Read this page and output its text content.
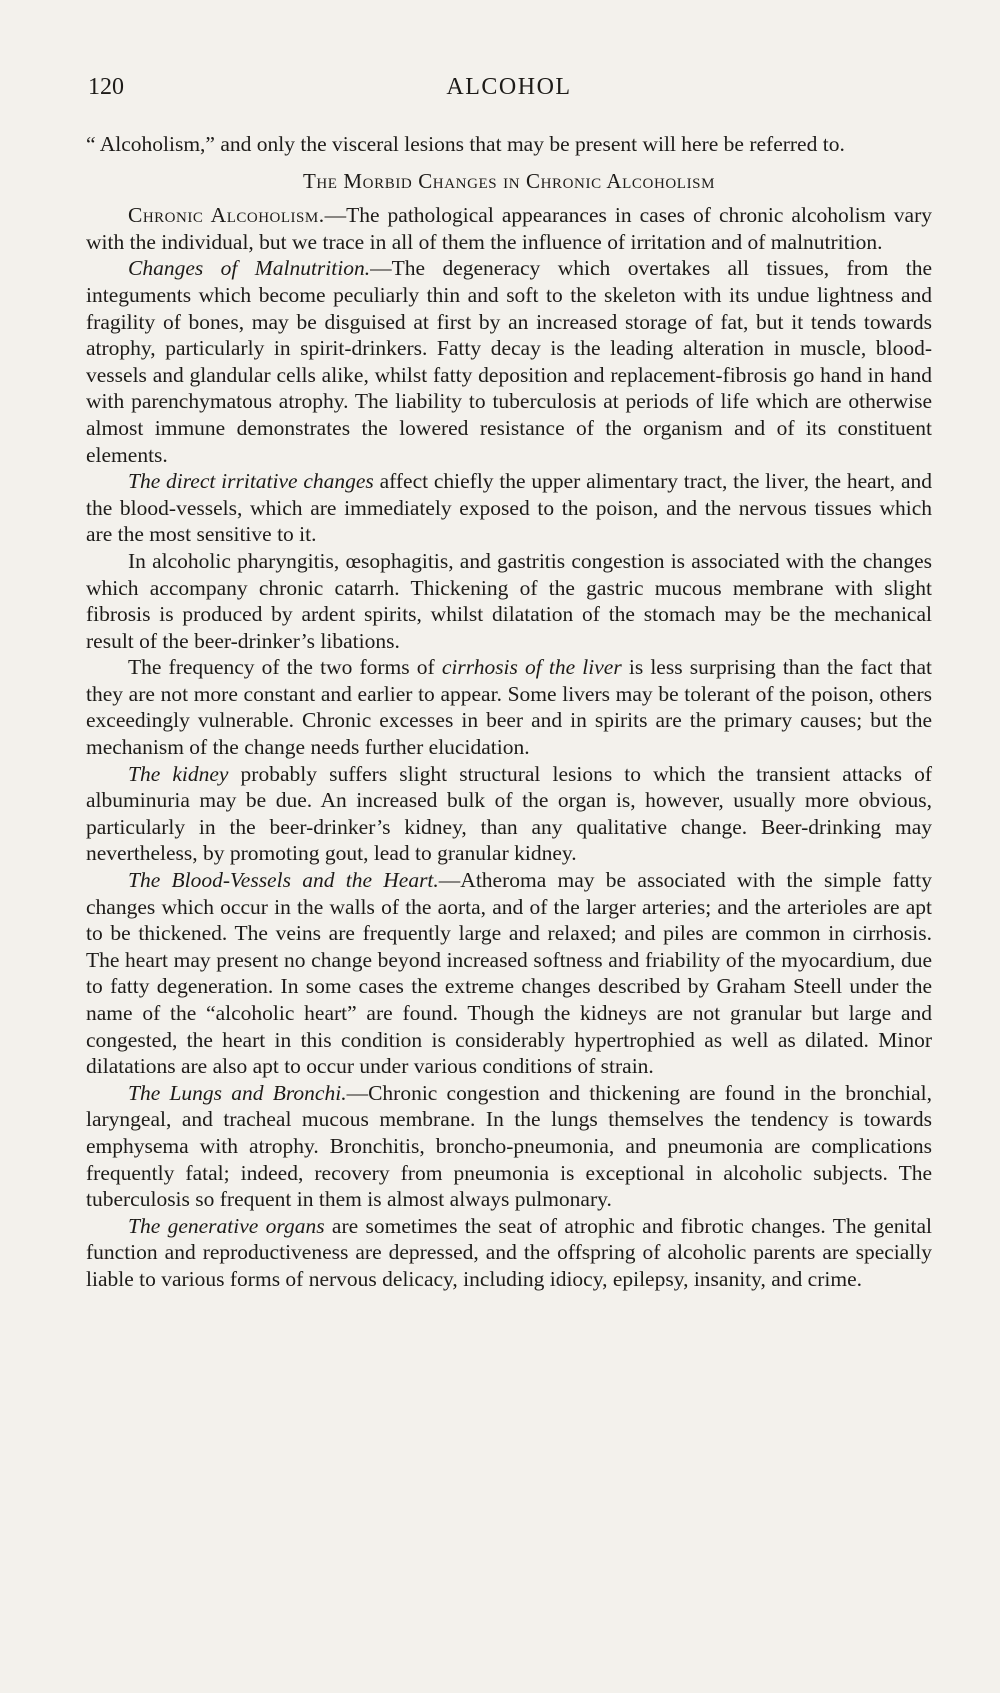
120	ALCOHOL

“ Alcoholism,” and only the visceral lesions that may be present will here be referred to.

The Morbid Changes in Chronic Alcoholism

Chronic Alcoholism.—The pathological appearances in cases of chronic alcoholism vary with the individual, but we trace in all of them the influence of irritation and of malnutrition.

Changes of Malnutrition.—The degeneracy which overtakes all tissues, from the integuments which become peculiarly thin and soft to the skeleton with its undue lightness and fragility of bones, may be disguised at first by an increased storage of fat, but it tends towards atrophy, particularly in spirit-drinkers. Fatty decay is the leading alteration in muscle, blood-vessels and glandular cells alike, whilst fatty deposition and replacement-fibrosis go hand in hand with parenchymatous atrophy. The liability to tuberculosis at periods of life which are otherwise almost immune demonstrates the lowered resistance of the organism and of its constituent elements.

The direct irritative changes affect chiefly the upper alimentary tract, the liver, the heart, and the blood-vessels, which are immediately exposed to the poison, and the nervous tissues which are the most sensitive to it.

In alcoholic pharyngitis, œsophagitis, and gastritis congestion is associated with the changes which accompany chronic catarrh. Thickening of the gastric mucous membrane with slight fibrosis is produced by ardent spirits, whilst dilatation of the stomach may be the mechanical result of the beer-drinker’s libations.

The frequency of the two forms of cirrhosis of the liver is less surprising than the fact that they are not more constant and earlier to appear. Some livers may be tolerant of the poison, others exceedingly vulnerable. Chronic excesses in beer and in spirits are the primary causes; but the mechanism of the change needs further elucidation.

The kidney probably suffers slight structural lesions to which the transient attacks of albuminuria may be due. An increased bulk of the organ is, however, usually more obvious, particularly in the beer-drinker’s kidney, than any qualitative change. Beer-drinking may nevertheless, by promoting gout, lead to granular kidney.

The Blood-Vessels and the Heart.—Atheroma may be associated with the simple fatty changes which occur in the walls of the aorta, and of the larger arteries; and the arterioles are apt to be thickened. The veins are frequently large and relaxed; and piles are common in cirrhosis. The heart may present no change beyond increased softness and friability of the myocardium, due to fatty degeneration. In some cases the extreme changes described by Graham Steell under the name of the “alcoholic heart” are found. Though the kidneys are not granular but large and congested, the heart in this condition is considerably hypertrophied as well as dilated. Minor dilatations are also apt to occur under various conditions of strain.

The Lungs and Bronchi.—Chronic congestion and thickening are found in the bronchial, laryngeal, and tracheal mucous membrane. In the lungs themselves the tendency is towards emphysema with atrophy. Bronchitis, broncho-pneumonia, and pneumonia are complications frequently fatal; indeed, recovery from pneumonia is exceptional in alcoholic subjects. The tuberculosis so frequent in them is almost always pulmonary.

The generative organs are sometimes the seat of atrophic and fibrotic changes. The genital function and reproductiveness are depressed, and the offspring of alcoholic parents are specially liable to various forms of nervous delicacy, including idiocy, epilepsy, insanity, and crime.
